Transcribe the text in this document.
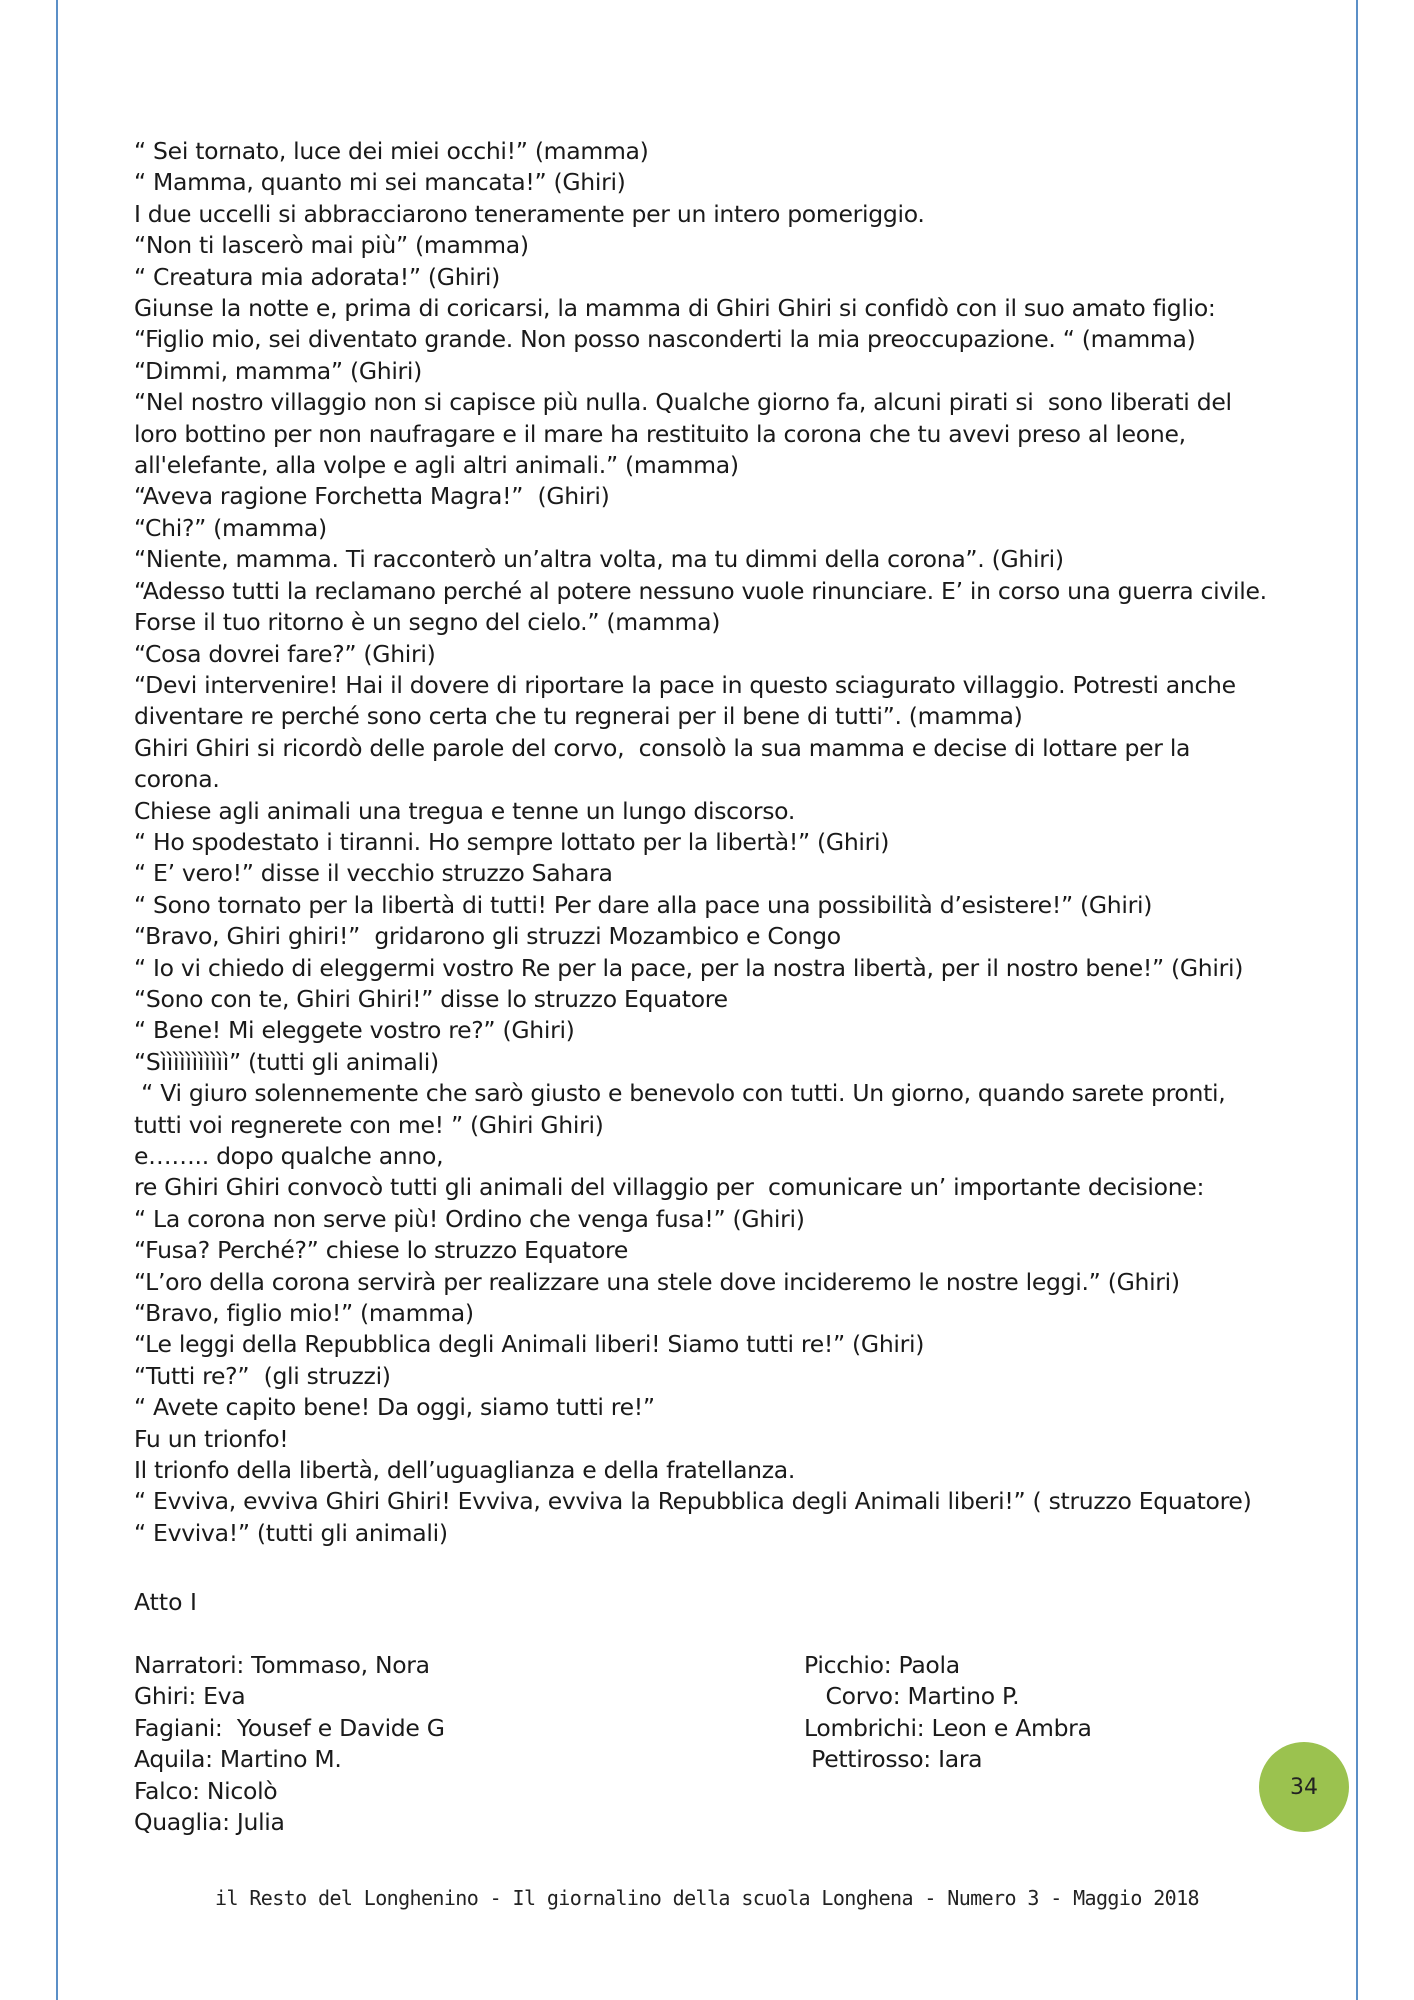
“ Sei tornato, luce dei miei occhi!” (mamma)
“ Mamma, quanto mi sei mancata!” (Ghiri)
I due uccelli si abbracciarono teneramente per un intero pomeriggio.
“Non ti lascerò mai più” (mamma)
“ Creatura mia adorata!” (Ghiri)
Giunse la notte e, prima di coricarsi, la mamma di Ghiri Ghiri si confidò con il suo amato figlio:
“Figlio mio, sei diventato grande. Non posso nasconderti la mia preoccupazione. “ (mamma)
“Dimmi, mamma” (Ghiri)
“Nel nostro villaggio non si capisce più nulla. Qualche giorno fa, alcuni pirati si  sono liberati del
loro bottino per non naufragare e il mare ha restituito la corona che tu avevi preso al leone,
all'elefante, alla volpe e agli altri animali.” (mamma)
“Aveva ragione Forchetta Magra!”  (Ghiri)
“Chi?” (mamma)
“Niente, mamma. Ti racconterò un’altra volta, ma tu dimmi della corona”. (Ghiri)
“Adesso tutti la reclamano perché al potere nessuno vuole rinunciare. E’ in corso una guerra civile.
Forse il tuo ritorno è un segno del cielo.” (mamma)
“Cosa dovrei fare?” (Ghiri)
“Devi intervenire! Hai il dovere di riportare la pace in questo sciagurato villaggio. Potresti anche
diventare re perché sono certa che tu regnerai per il bene di tutti”. (mamma)
Ghiri Ghiri si ricordò delle parole del corvo,  consolò la sua mamma e decise di lottare per la
corona.
Chiese agli animali una tregua e tenne un lungo discorso.
“ Ho spodestato i tiranni. Ho sempre lottato per la libertà!” (Ghiri)
“ E’ vero!” disse il vecchio struzzo Sahara
“ Sono tornato per la libertà di tutti! Per dare alla pace una possibilità d’esistere!” (Ghiri)
“Bravo, Ghiri ghiri!”  gridarono gli struzzi Mozambico e Congo
“ Io vi chiedo di eleggermi vostro Re per la pace, per la nostra libertà, per il nostro bene!” (Ghiri)
“Sono con te, Ghiri Ghiri!” disse lo struzzo Equatore
“ Bene! Mi eleggete vostro re?” (Ghiri)
“Sììììììììììì” (tutti gli animali)
“ Vi giuro solennemente che sarò giusto e benevolo con tutti. Un giorno, quando sarete pronti,
tutti voi regnerete con me! ” (Ghiri Ghiri)
e…….. dopo qualche anno,
re Ghiri Ghiri convocò tutti gli animali del villaggio per  comunicare un’ importante decisione:
“ La corona non serve più! Ordino che venga fusa!” (Ghiri)
“Fusa? Perché?” chiese lo struzzo Equatore
“L’oro della corona servirà per realizzare una stele dove incideremo le nostre leggi.” (Ghiri)
“Bravo, figlio mio!” (mamma)
“Le leggi della Repubblica degli Animali liberi! Siamo tutti re!” (Ghiri)
“Tutti re?”  (gli struzzi)
“ Avete capito bene! Da oggi, siamo tutti re!”
Fu un trionfo!
Il trionfo della libertà, dell’uguaglianza e della fratellanza.
“ Evviva, evviva Ghiri Ghiri! Evviva, evviva la Repubblica degli Animali liberi!” ( struzzo Equatore)
“ Evviva!” (tutti gli animali)
Atto I
Narratori: Tommaso, Nora
Ghiri: Eva
Fagiani:  Yousef e Davide G
Aquila: Martino M.
Falco: Nicolò
Quaglia: Julia
Picchio: Paola
Corvo: Martino P.
Lombrichi: Leon e Ambra
Pettirosso: Iara
34
il Resto del Longhenino - Il giornalino della scuola Longhena - Numero 3 - Maggio 2018
